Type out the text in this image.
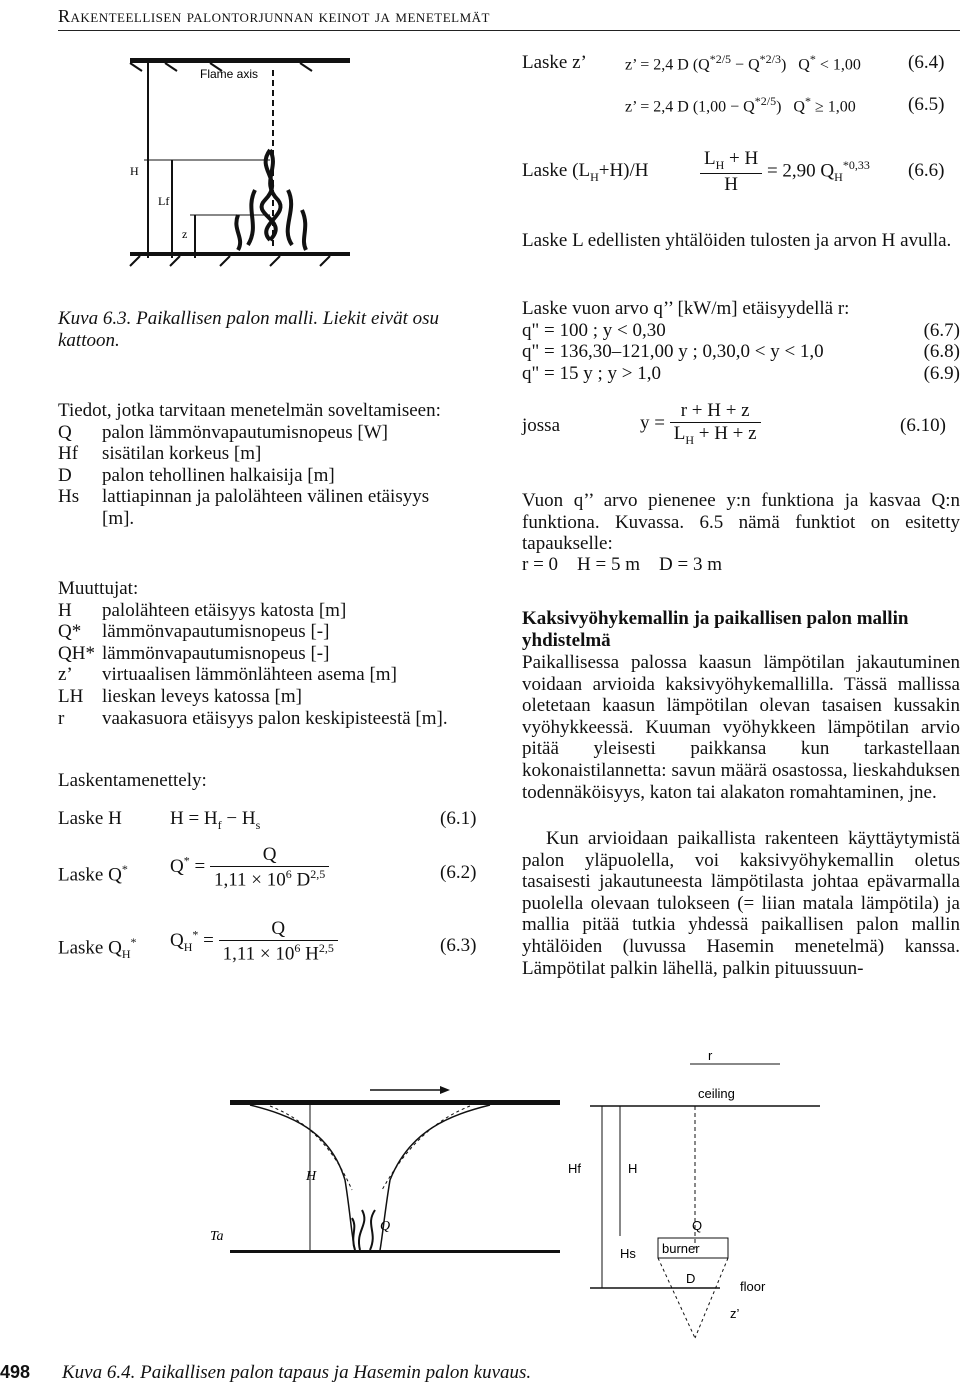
Rakenteellisen palontorjunnan keinot ja menetelmät
Flame axis
H
Lf
z
Kuva 6.3. Paikallisen palon malli. Liekit eivät osu kattoon.
Tiedot, jotka tarvitaan menetelmän soveltamiseen:
Q palon lämmönvapautumisnopeus [W]
Hf sisätilan korkeus [m]
D palon tehollinen halkaisija [m]
Hs	lattiapinnan ja palolähteen välinen etäisyys [m].
Muuttujat:
H palolähteen etäisyys katosta [m]
Q* lämmönvapautumisnopeus [-]
QH* lämmönvapautumisnopeus [-]
z’ virtuaalisen lämmönlähteen asema [m]
LH lieskan leveys katossa [m]
r	vaakasuora etäisyys palon keskipisteestä [m].
Laskentamenettely:
Laske H	$H = H_f - H_s$	(6.1)
Laske Q* $Q^* = \frac{Q}{1,11 \times 10^6 D^{2,5}}$	(6.2)
Laske $Q_H^*$ $Q_H^* = \frac{Q}{1,11 \times 10^6 H^{2,5}}$	(6.3)
Laske z’ z’ = 2,4 D $(Q^{*2/5} - Q^{*2/3}) Q^* < 1,00$ (6.4)
z’ = 2,4 D $(1,00 - Q^{*2/5})$   Q* ≥ 1,00	(6.5)
Laske $(L_H+H)/H$	$\frac{L_H + H}{H} = 2,90$ $Q_H^{*0,33}$ (6.6)
Laske L edellisten yhtälöiden tulosten ja arvon H avulla.
Laske vuon arvo q’’ [kW/m] etäisyydellä r:
q" = 100 ; y < 0,30	(6.7)
q" = 136,30–121,00 y ; 0,30,0 < y < 1,0	(6.8)
q" = 15 y ; y > 1,0	(6.9)
jossa	$y = \frac{r + H + z}{L_H + H + z}$	(6.10)
Vuon q’’ arvo pienenee y:n funktiona ja kasvaa Q:n funktiona. Kuvassa. 6.5 nämä funktiot on esitetty tapaukselle:
r = 0    H = 5 m    D = 3 m
Kaksivyöhykemallin ja paikallisen palon mallin yhdistelmä
Paikallisessa palossa kaasun lämpötilan jakautuminen voidaan arvioida kaksivyöhykemallilla. Tässä mallissa oletetaan kaasun lämpötilan olevan tasaisen kussakin vyöhykkeessä. Kuuman vyöhykkeen lämpötilan arvio pitää yleisesti paikkansa kun tarkastellaan kokonaistilannetta: savun määrä osastossa, lieskahduksen todennäköisyys, katon tai alakaton romahtaminen, jne.
Kun arvioidaan paikallista rakenteen käyttäytymistä palon yläpuolella, voi kaksivyöhykemallin oletus tasaisesti jakautuneesta lämpötilasta johtaa epävarmalla puolella olevaan tulokseen (= liian matala lämpötila) ja mallia pitää tutkia yhdessä paikallisen palon mallin yhtälöiden (luvussa Hasemin menetelmä) kanssa. Lämpötilat palkin lähellä, palkin pituussuun-
H
Ta
Q
r
ceiling
Hf	H
Q
burner
Hs
D
floor
z’
498 Kuva 6.4. Paikallisen palon tapaus ja Hasemin palon kuvaus.
